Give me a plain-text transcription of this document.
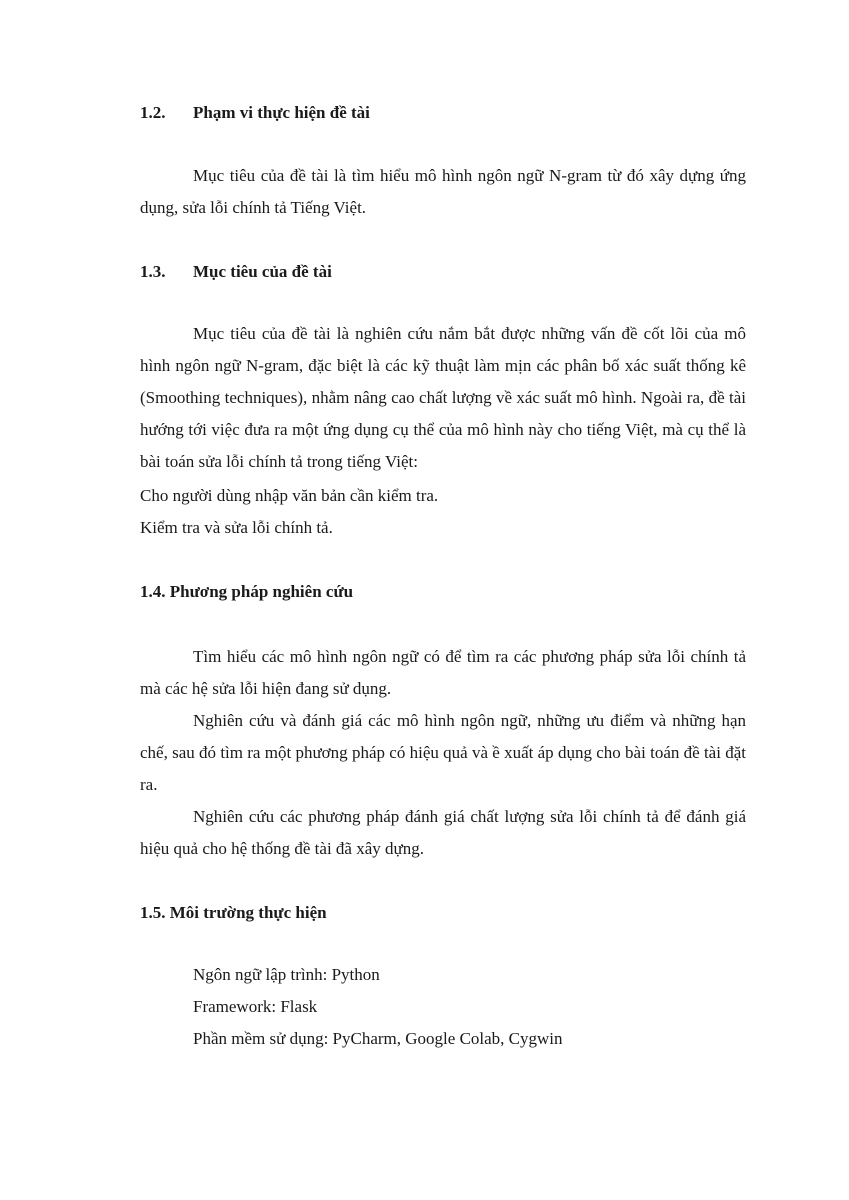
1.2. Phạm vi thực hiện đề tài

Mục tiêu của đề tài là tìm hiểu mô hình ngôn ngữ N-gram từ đó xây dựng ứng dụng, sửa lỗi chính tả Tiếng Việt.

1.3. Mục tiêu của đề tài

Mục tiêu của đề tài là nghiên cứu nắm bắt được những vấn đề cốt lõi của mô hình ngôn ngữ N-gram, đặc biệt là các kỹ thuật làm mịn các phân bố xác suất thống kê (Smoothing techniques), nhằm nâng cao chất lượng về xác suất mô hình. Ngoài ra, đề tài hướng tới việc đưa ra một ứng dụng cụ thể của mô hình này cho tiếng Việt, mà cụ thể là bài toán sửa lỗi chính tả trong tiếng Việt:

Cho người dùng nhập văn bản cần kiểm tra.
Kiểm tra và sửa lỗi chính tả.
1.4. Phương pháp nghiên cứu

Tìm hiểu các mô hình ngôn ngữ có để tìm ra các phương pháp sửa lỗi chính tả mà các hệ sửa lỗi hiện đang sử dụng.

Nghiên cứu và đánh giá các mô hình ngôn ngữ, những ưu điểm và những hạn chế, sau đó tìm ra một phương pháp có hiệu quả và ề xuất áp dụng cho bài toán đề tài đặt ra.

Nghiên cứu các phương pháp đánh giá chất lượng sửa lỗi chính tả để đánh giá hiệu quả cho hệ thống đề tài đã xây dựng.

1.5. Môi trường thực hiện
Ngôn ngữ lập trình: Python
Framework: Flask
Phần mềm sử dụng: PyCharm, Google Colab, Cygwin
